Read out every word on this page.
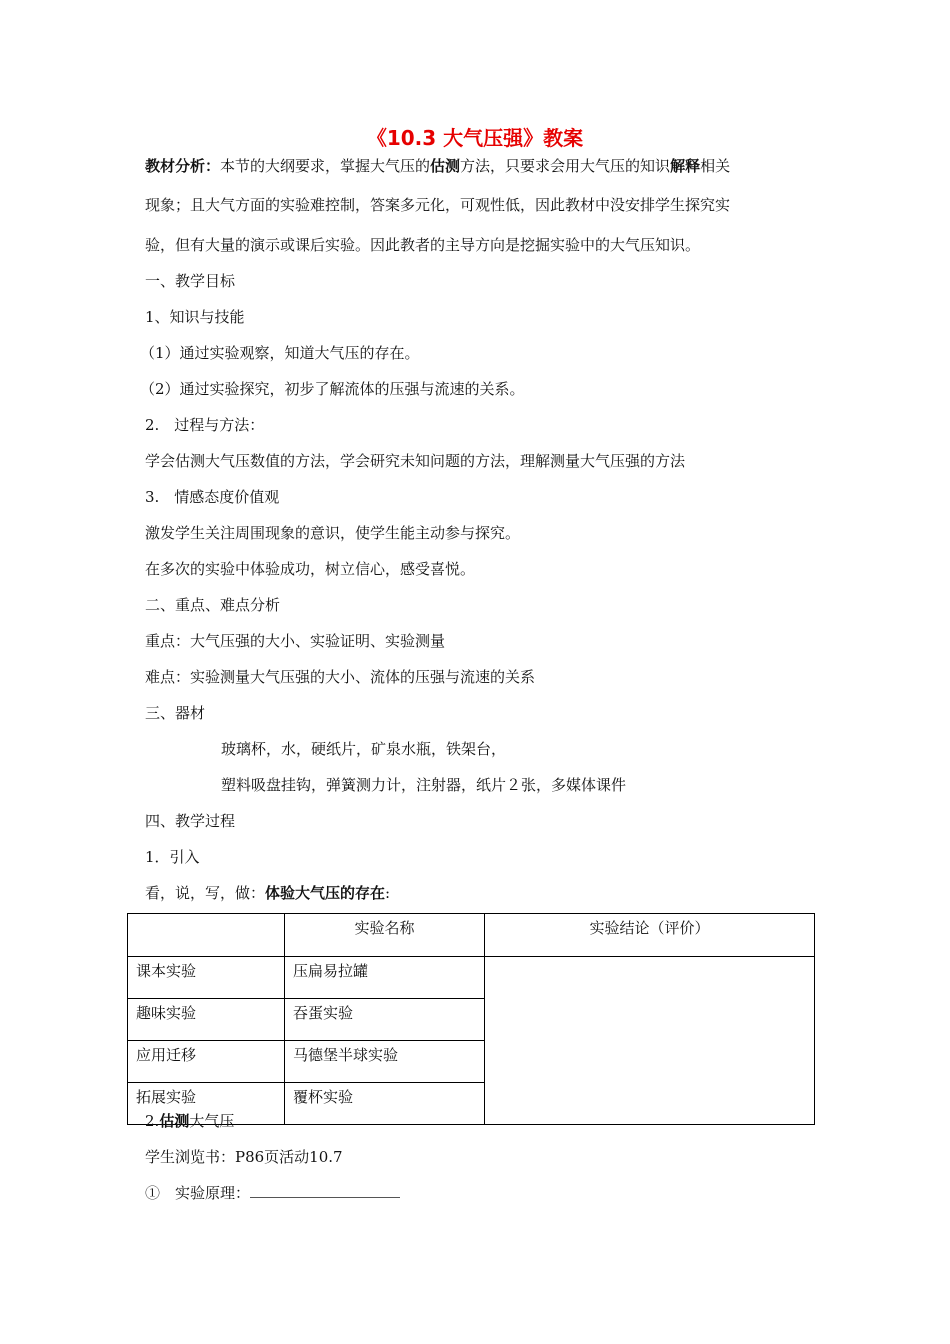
《10.3 大气压强》教案
教材分析：本节的大纲要求，掌握大气压的估测方法，只要求会用大气压的知识解释相关
现象；且大气方面的实验难控制，答案多元化，可观性低，因此教材中没安排学生探究实
验，但有大量的演示或课后实验。因此教者的主导方向是挖掘实验中的大气压知识。
一、教学目标
1、知识与技能
（1）通过实验观察，知道大气压的存在。
（2）通过实验探究，初步了解流体的压强与流速的关系。
2.　过程与方法：
学会估测大气压数值的方法，学会研究未知问题的方法，理解测量大气压强的方法
3.　情感态度价值观
激发学生关注周围现象的意识，使学生能主动参与探究。
在多次的实验中体验成功，树立信心，感受喜悦。
二、重点、难点分析
重点：大气压强的大小、实验证明、实验测量
难点：实验测量大气压强的大小、流体的压强与流速的关系
三、器材
玻璃杯，水，硬纸片，矿泉水瓶，铁架台，
塑料吸盘挂钩，弹簧测力计，注射器，纸片２张，多媒体课件
四、教学过程
1．引入
看，说，写，做：体验大气压的存在:
	实验名称	实验结论（评价）
课本实验	压扁易拉罐	
趣味实验	吞蛋实验	
应用迁移	马德堡半球实验	
拓展实验	覆杯实验	
2.估测大气压
学生浏览书：P86页活动10.7
①　实验原理：
